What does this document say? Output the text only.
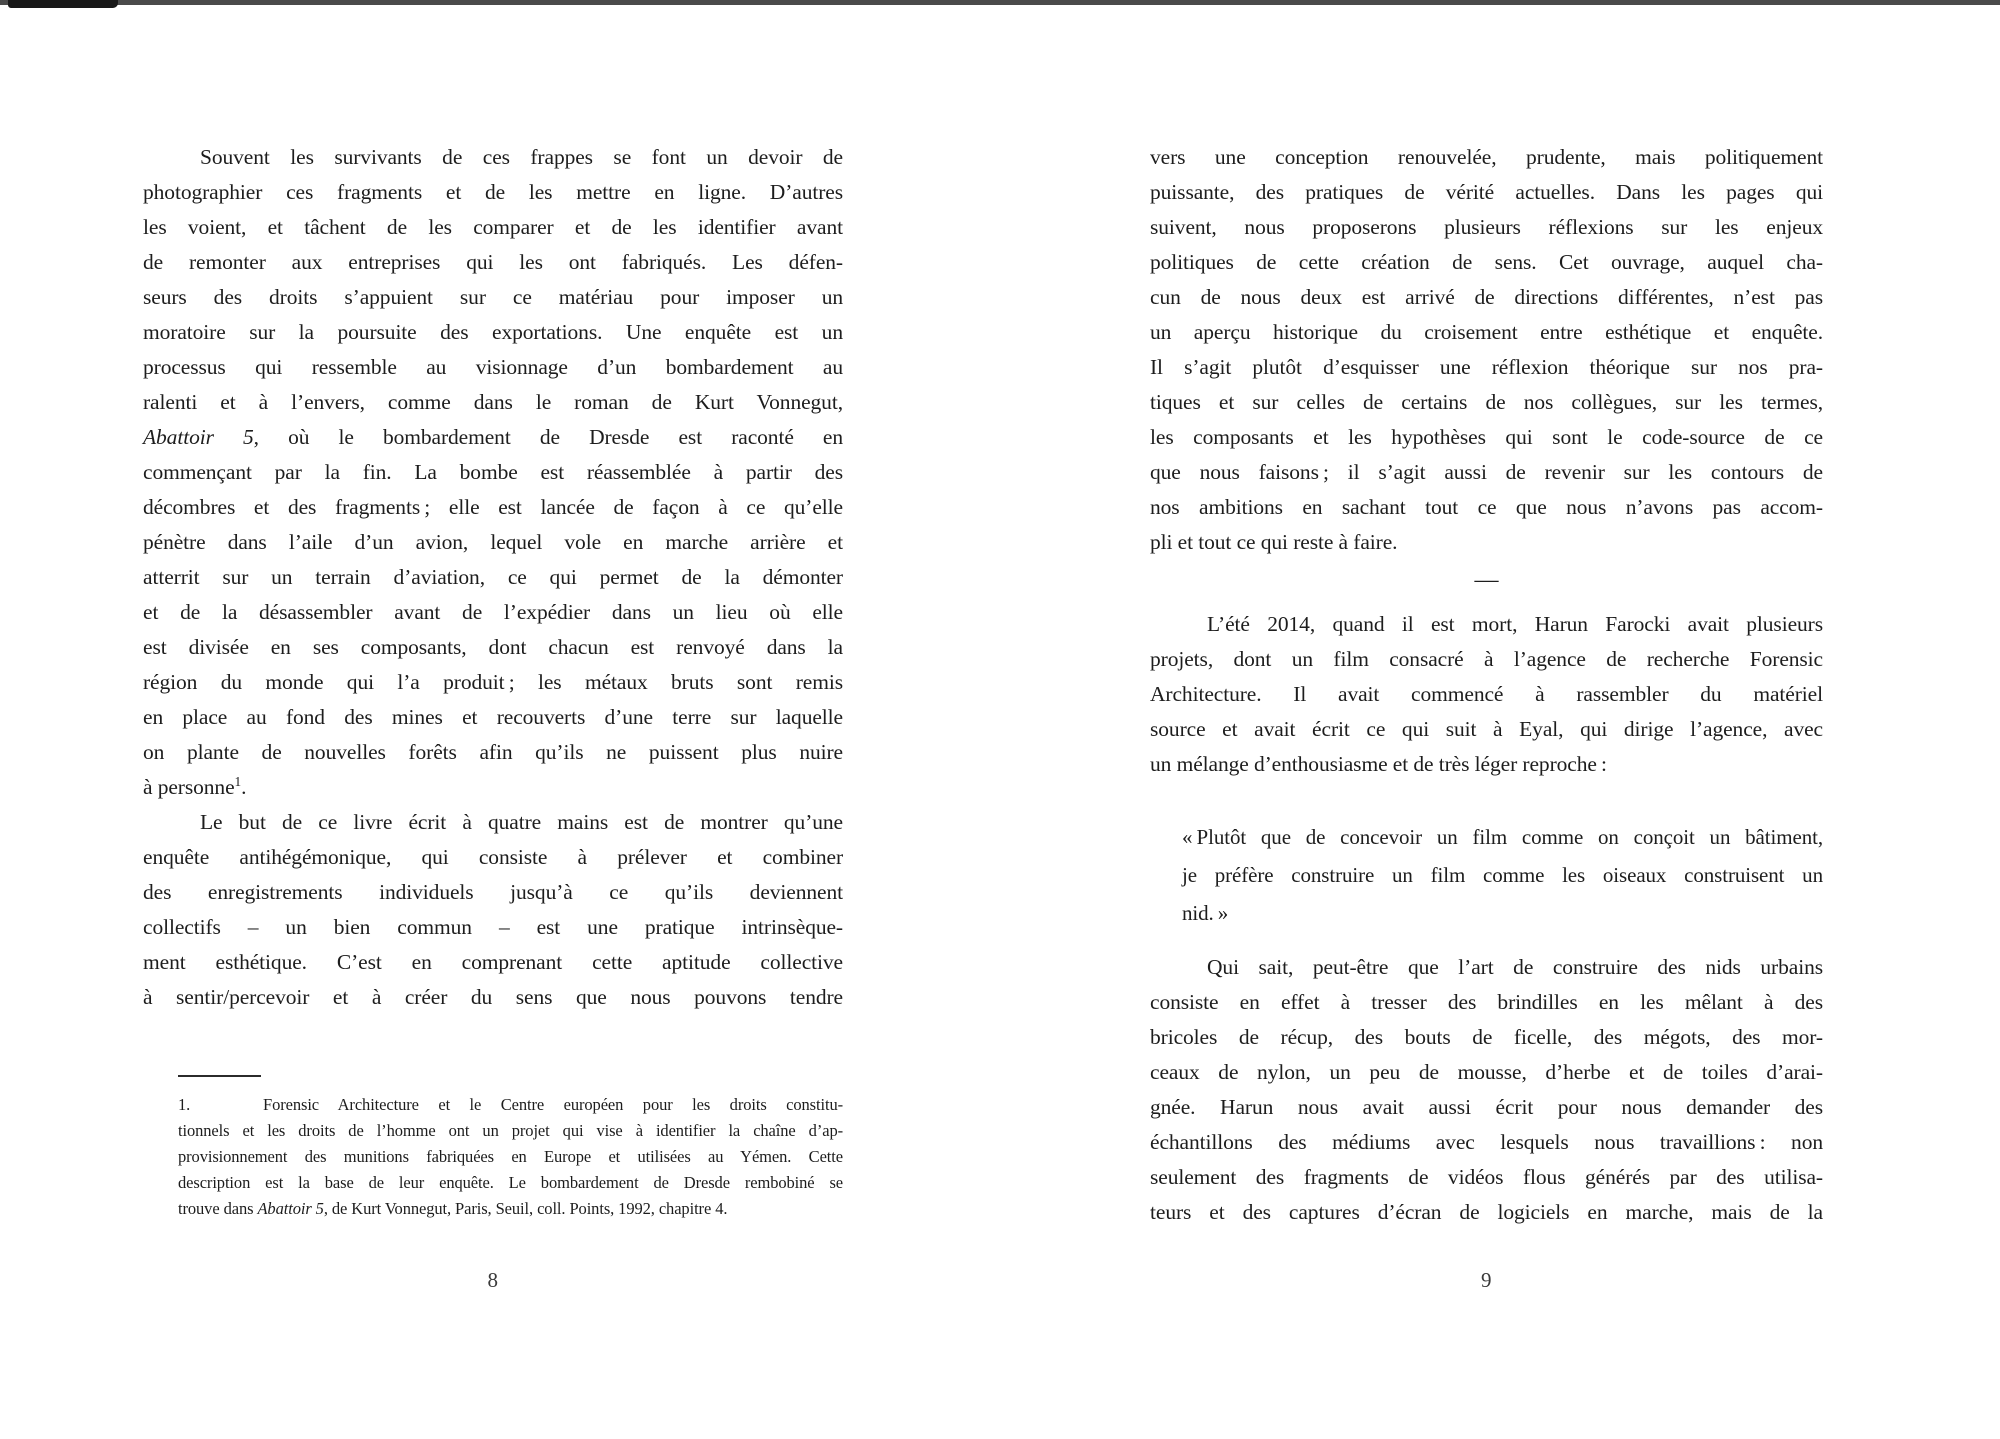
Souvent les survivants de ces frappes se font un devoir de
photographier ces fragments et de les mettre en ligne. D’autres
les voient, et tâchent de les comparer et de les identifier avant
de remonter aux entreprises qui les ont fabriqués. Les défen-
seurs des droits s’appuient sur ce matériau pour imposer un
moratoire sur la poursuite des exportations. Une enquête est un
processus qui ressemble au visionnage d’un bombardement au
ralenti et à l’envers, comme dans le roman de Kurt Vonnegut,
Abattoir 5, où le bombardement de Dresde est raconté en
commençant par la fin. La bombe est réassemblée à partir des
décombres et des fragments ; elle est lancée de façon à ce qu’elle
pénètre dans l’aile d’un avion, lequel vole en marche arrière et
atterrit sur un terrain d’aviation, ce qui permet de la démonter
et de la désassembler avant de l’expédier dans un lieu où elle
est divisée en ses composants, dont chacun est renvoyé dans la
région du monde qui l’a produit ; les métaux bruts sont remis
en place au fond des mines et recouverts d’une terre sur laquelle
on plante de nouvelles forêts afin qu’ils ne puissent plus nuire
à personne$^1$.
Le but de ce livre écrit à quatre mains est de montrer qu’une
enquête antihégémonique, qui consiste à prélever et combiner
des enregistrements individuels jusqu’à ce qu’ils deviennent
collectifs – un bien commun – est une pratique intrinsèque-
ment esthétique. C’est en comprenant cette aptitude collective
à sentir/percevoir et à créer du sens que nous pouvons tendre
1.	Forensic Architecture et le Centre européen pour les droits constitu-
tionnels et les droits de l’homme ont un projet qui vise à identifier la chaîne d’ap-
provisionnement des munitions fabriquées en Europe et utilisées au Yémen. Cette
description est la base de leur enquête. Le bombardement de Dresde rembobiné se
trouve dans Abattoir 5, de Kurt Vonnegut, Paris, Seuil, coll. Points, 1992, chapitre 4.
8
vers une conception renouvelée, prudente, mais politiquement
puissante, des pratiques de vérité actuelles. Dans les pages qui
suivent, nous proposerons plusieurs réflexions sur les enjeux
politiques de cette création de sens. Cet ouvrage, auquel cha-
cun de nous deux est arrivé de directions différentes, n’est pas
un aperçu historique du croisement entre esthétique et enquête.
Il s’agit plutôt d’esquisser une réflexion théorique sur nos pra-
tiques et sur celles de certains de nos collègues, sur les termes,
les composants et les hypothèses qui sont le code-source de ce
que nous faisons ; il s’agit aussi de revenir sur les contours de
nos ambitions en sachant tout ce que nous n’avons pas accom-
pli et tout ce qui reste à faire.
—
L’été 2014, quand il est mort, Harun Farocki avait plusieurs
projets, dont un film consacré à l’agence de recherche Forensic
Architecture. Il avait commencé à rassembler du matériel
source et avait écrit ce qui suit à Eyal, qui dirige l’agence, avec
un mélange d’enthousiasme et de très léger reproche :
« Plutôt que de concevoir un film comme on conçoit un bâtiment,
je préfère construire un film comme les oiseaux construisent un
nid. »
Qui sait, peut-être que l’art de construire des nids urbains
consiste en effet à tresser des brindilles en les mêlant à des
bricoles de récup, des bouts de ficelle, des mégots, des mor-
ceaux de nylon, un peu de mousse, d’herbe et de toiles d’arai-
gnée. Harun nous avait aussi écrit pour nous demander des
échantillons des médiums avec lesquels nous travaillions : non
seulement des fragments de vidéos flous générés par des utilisa-
teurs et des captures d’écran de logiciels en marche, mais de la
9
